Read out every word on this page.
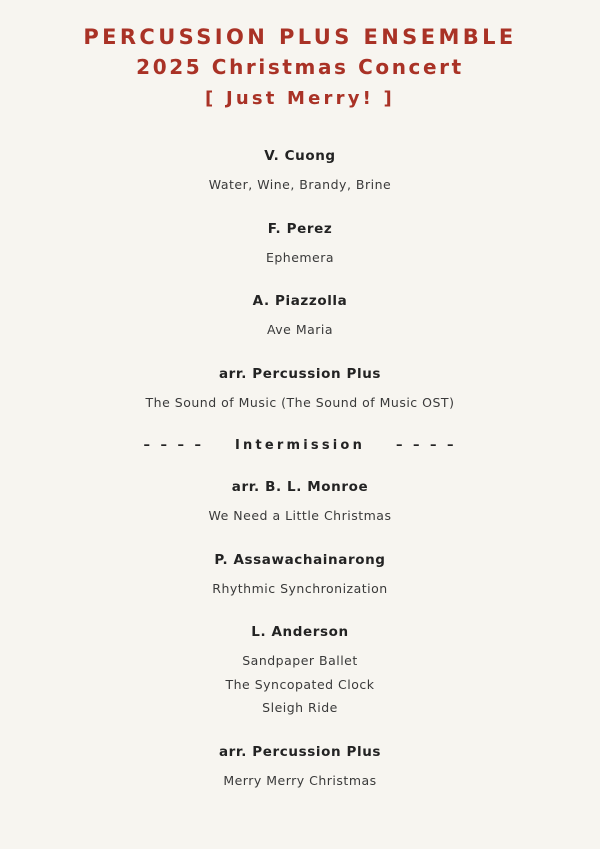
PERCUSSION PLUS ENSEMBLE
2025 Christmas Concert
[ Just Merry! ]
V. Cuong
Water, Wine, Brandy, Brine
F. Perez
Ephemera
A. Piazzolla
Ave Maria
arr. Percussion Plus
The Sound of Music (The Sound of Music OST)
– – – – Intermission – – – –
arr. B. L. Monroe
We Need a Little Christmas
P. Assawachainarong
Rhythmic Synchronization
L. Anderson
Sandpaper Ballet
The Syncopated Clock
Sleigh Ride
arr. Percussion Plus
Merry Merry Christmas
